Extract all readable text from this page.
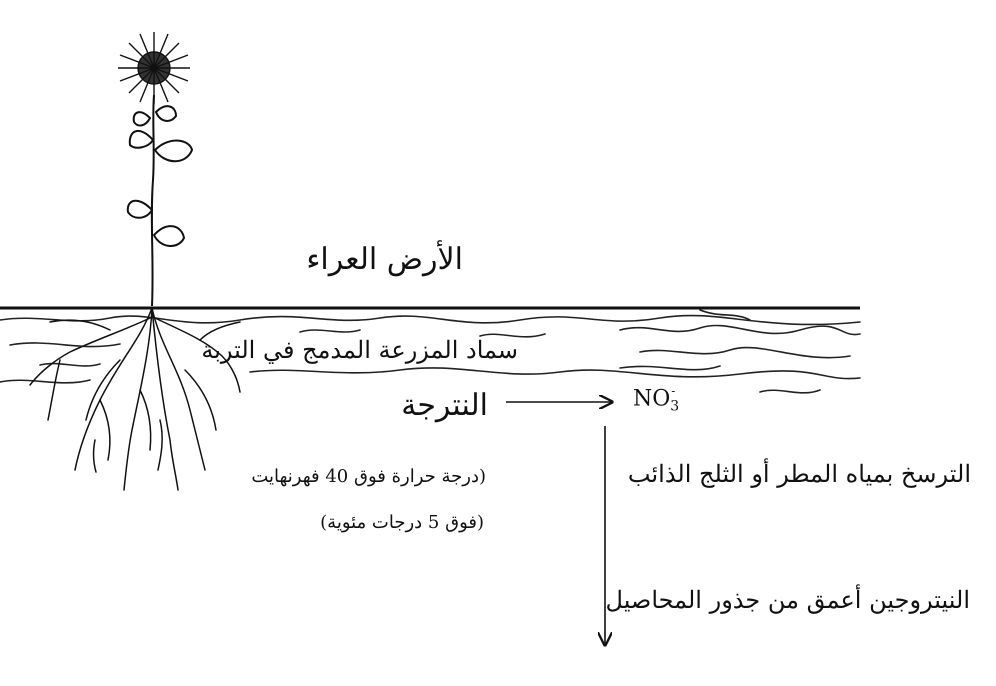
الأرض العراء
سماد المزرعة المدمج في التربة
النترجة	$NO_3^-$
(درجة حرارة فوق 40 فهرنهايت
(فوق 5 درجات مئوية)
الترسخ بمياه المطر أو الثلج الذائب
النيتروجين أعمق من جذور المحاصيل
